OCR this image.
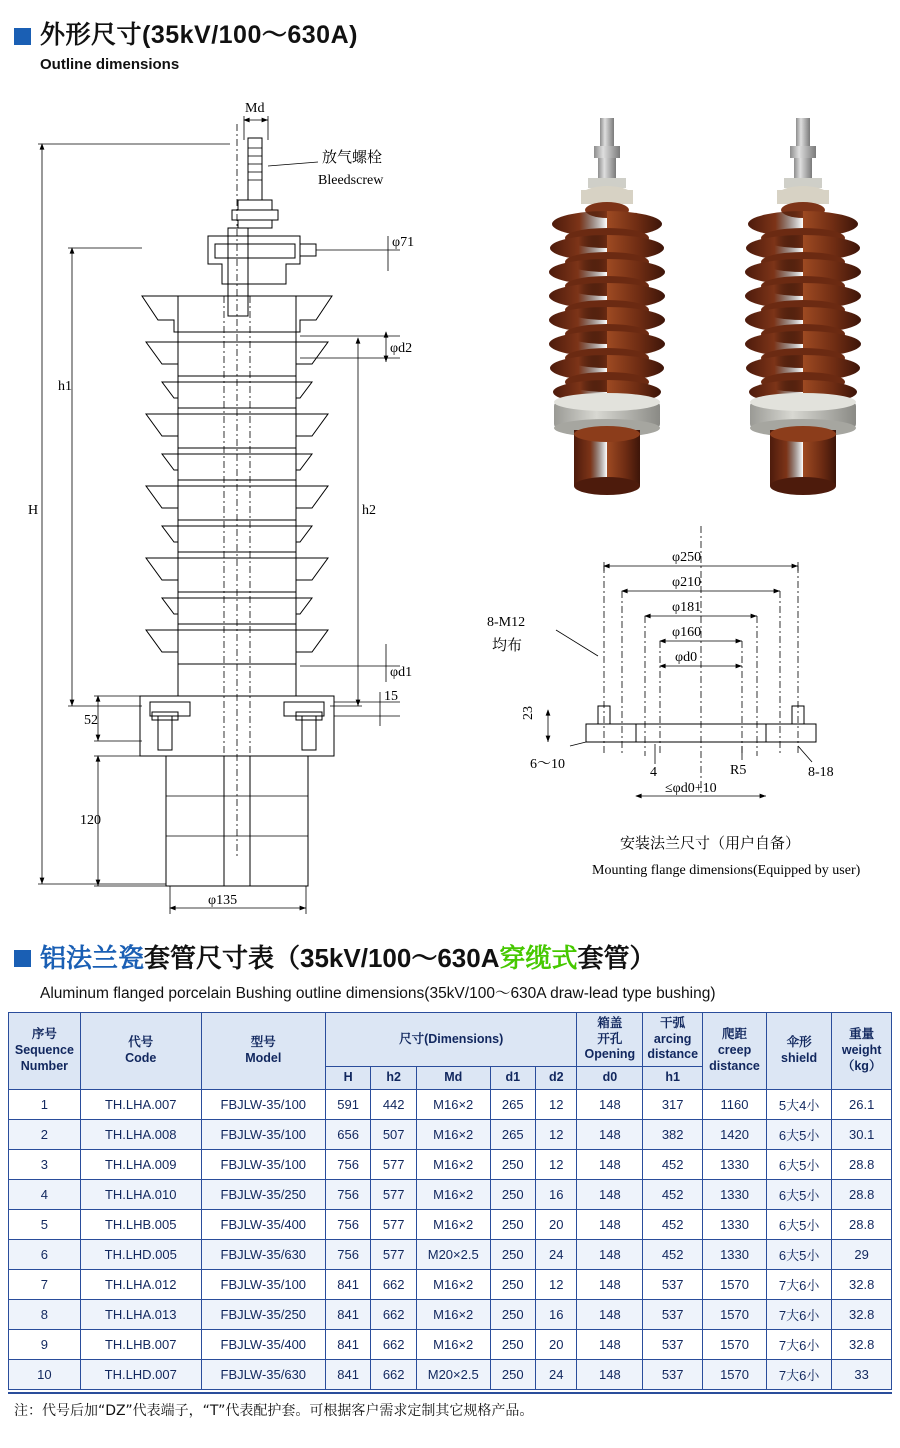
外形尺寸(35kV/100～630A)
Outline dimensions
Md
放气螺栓
Bleedscrew
φ71
φd2
φd1
H
h1
h2
52
15
120
φ135
φ250
φ210
φ181
φ160
φd0
8-M12
均布
23
6～10
4	R5	8-18
≤φd0+10
安装法兰尺寸（用户自备）
Mounting flange dimensions(Equipped by user)
铝法兰瓷套管尺寸表（35kV/100～630A穿缆式套管）
Aluminum flanged porcelain Bushing outline dimensions(35kV/100～630A draw-lead type bushing)
序号
Sequence
Number

代号
Code

型号
Model
	尺寸(Dimensions)	
箱盖
开孔
Opening

干弧
arcing
distance

爬距
creep
distance

伞形
shield

重量
weight
（kg）

			H	h2	Md	d1	d2	d0	h1			
1	TH.LHA.007	FBJLW-35/100	591	442	M16×2	265	12	148	317	1160	5大4小	26.1
2	TH.LHA.008	FBJLW-35/100	656	507	M16×2	265	12	148	382	1420	6大5小	30.1
3	TH.LHA.009	FBJLW-35/100	756	577	M16×2	250	12	148	452	1330	6大5小	28.8
4	TH.LHA.010	FBJLW-35/250	756	577	M16×2	250	16	148	452	1330	6大5小	28.8
5	TH.LHB.005	FBJLW-35/400	756	577	M16×2	250	20	148	452	1330	6大5小	28.8
6	TH.LHD.005	FBJLW-35/630	756	577	M20×2.5	250	24	148	452	1330	6大5小	29
7	TH.LHA.012	FBJLW-35/100	841	662	M16×2	250	12	148	537	1570	7大6小	32.8
8	TH.LHA.013	FBJLW-35/250	841	662	M16×2	250	16	148	537	1570	7大6小	32.8
9	TH.LHB.007	FBJLW-35/400	841	662	M16×2	250	20	148	537	1570	7大6小	32.8
10	TH.LHD.007	FBJLW-35/630	841	662	M20×2.5	250	24	148	537	1570	7大6小	33
注：代号后加“DZ”代表端子，“T”代表配护套。可根据客户需求定制其它规格产品。
